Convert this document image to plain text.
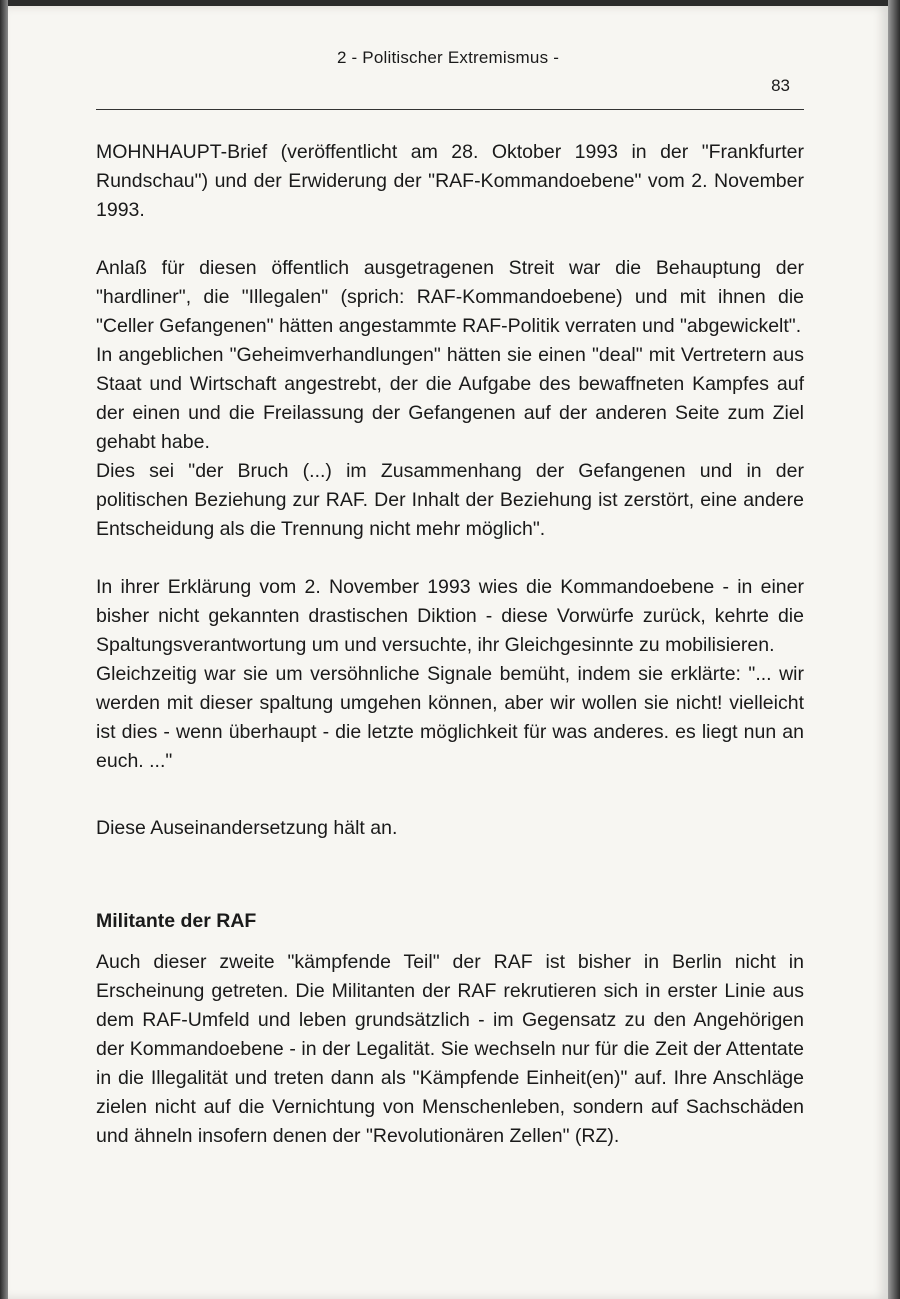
2 - Politischer Extremismus -
83

MOHNHAUPT-Brief (veröffentlicht am 28. Oktober 1993 in der "Frankfurter Rundschau") und der Erwiderung der "RAF-Kommandoebene" vom 2. November 1993.

Anlaß für diesen öffentlich ausgetragenen Streit war die Behauptung der "hardliner", die "Illegalen" (sprich: RAF-Kommandoebene) und mit ihnen die "Celler Gefangenen" hätten angestammte RAF-Politik verraten und "abgewickelt".

In angeblichen "Geheimverhandlungen" hätten sie einen "deal" mit Vertretern aus Staat und Wirtschaft angestrebt, der die Aufgabe des bewaffneten Kampfes auf der einen und die Freilassung der Gefangenen auf der anderen Seite zum Ziel gehabt habe.

Dies sei "der Bruch (...) im Zusammenhang der Gefangenen und in der politischen Beziehung zur RAF. Der Inhalt der Beziehung ist zerstört, eine andere Entscheidung als die Trennung nicht mehr möglich".

In ihrer Erklärung vom 2. November 1993 wies die Kommandoebene - in einer bisher nicht gekannten drastischen Diktion - diese Vorwürfe zurück, kehrte die Spaltungsverantwortung um und versuchte, ihr Gleichgesinnte zu mobilisieren.

Gleichzeitig war sie um versöhnliche Signale bemüht, indem sie erklärte: "... wir werden mit dieser spaltung umgehen können, aber wir wollen sie nicht! vielleicht ist dies - wenn überhaupt - die letzte möglichkeit für was anderes. es liegt nun an euch. ..."

Diese Auseinandersetzung hält an.

Militante der RAF

Auch dieser zweite "kämpfende Teil" der RAF ist bisher in Berlin nicht in Erscheinung getreten. Die Militanten der RAF rekrutieren sich in erster Linie aus dem RAF-Umfeld und leben grundsätzlich - im Gegensatz zu den Angehörigen der Kommandoebene - in der Legalität. Sie wechseln nur für die Zeit der Attentate in die Illegalität und treten dann als "Kämpfende Einheit(en)" auf. Ihre Anschläge zielen nicht auf die Vernichtung von Menschenleben, sondern auf Sachschäden und ähneln insofern denen der "Revolutionären Zellen" (RZ).
